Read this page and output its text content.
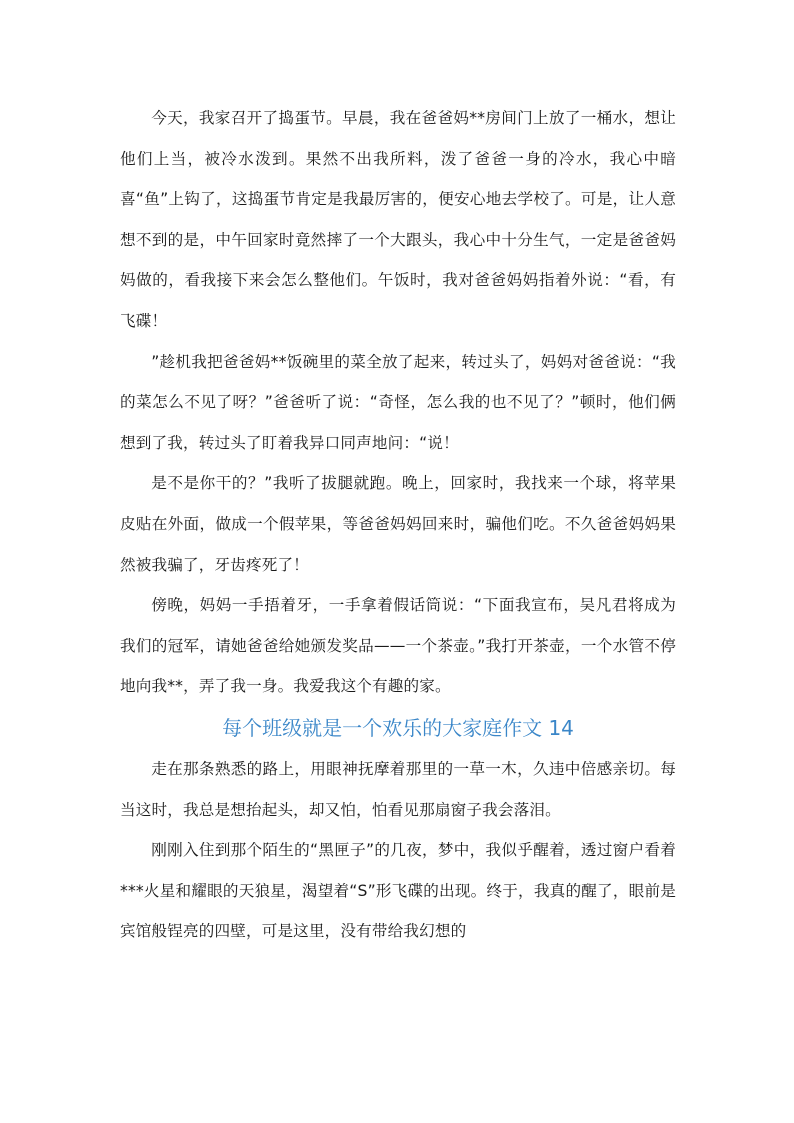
今天，我家召开了捣蛋节。早晨，我在爸爸妈**房间门上放了一桶水，想让他们上当，被冷水泼到。果然不出我所料，泼了爸爸一身的冷水，我心中暗喜“鱼”上钩了，这捣蛋节肯定是我最厉害的，便安心地去学校了。可是，让人意想不到的是，中午回家时竟然摔了一个大跟头，我心中十分生气，一定是爸爸妈妈做的，看我接下来会怎么整他们。午饭时，我对爸爸妈妈指着外说：“看，有飞碟！

”趁机我把爸爸妈**饭碗里的菜全放了起来，转过头了，妈妈对爸爸说：“我的菜怎么不见了呀？”爸爸听了说：“奇怪，怎么我的也不见了？”顿时，他们俩想到了我，转过头了盯着我异口同声地问：“说！

是不是你干的？”我听了拔腿就跑。晚上，回家时，我找来一个球，将苹果皮贴在外面，做成一个假苹果，等爸爸妈妈回来时，骗他们吃。不久爸爸妈妈果然被我骗了，牙齿疼死了！

傍晚，妈妈一手捂着牙，一手拿着假话筒说：“下面我宣布，吴凡君将成为我们的冠军，请她爸爸给她颁发奖品——一个茶壶。”我打开茶壶，一个水管不停地向我**，弄了我一身。我爱我这个有趣的家。

每个班级就是一个欢乐的大家庭作文 14

走在那条熟悉的路上，用眼神抚摩着那里的一草一木，久违中倍感亲切。每当这时，我总是想抬起头，却又怕，怕看见那扇窗子我会落泪。

刚刚入住到那个陌生的“黑匣子”的几夜，梦中，我似乎醒着，透过窗户看着***火星和耀眼的天狼星，渴望着“S”形飞碟的出现。终于，我真的醒了，眼前是宾馆般锃亮的四壁，可是这里，没有带给我幻想的
